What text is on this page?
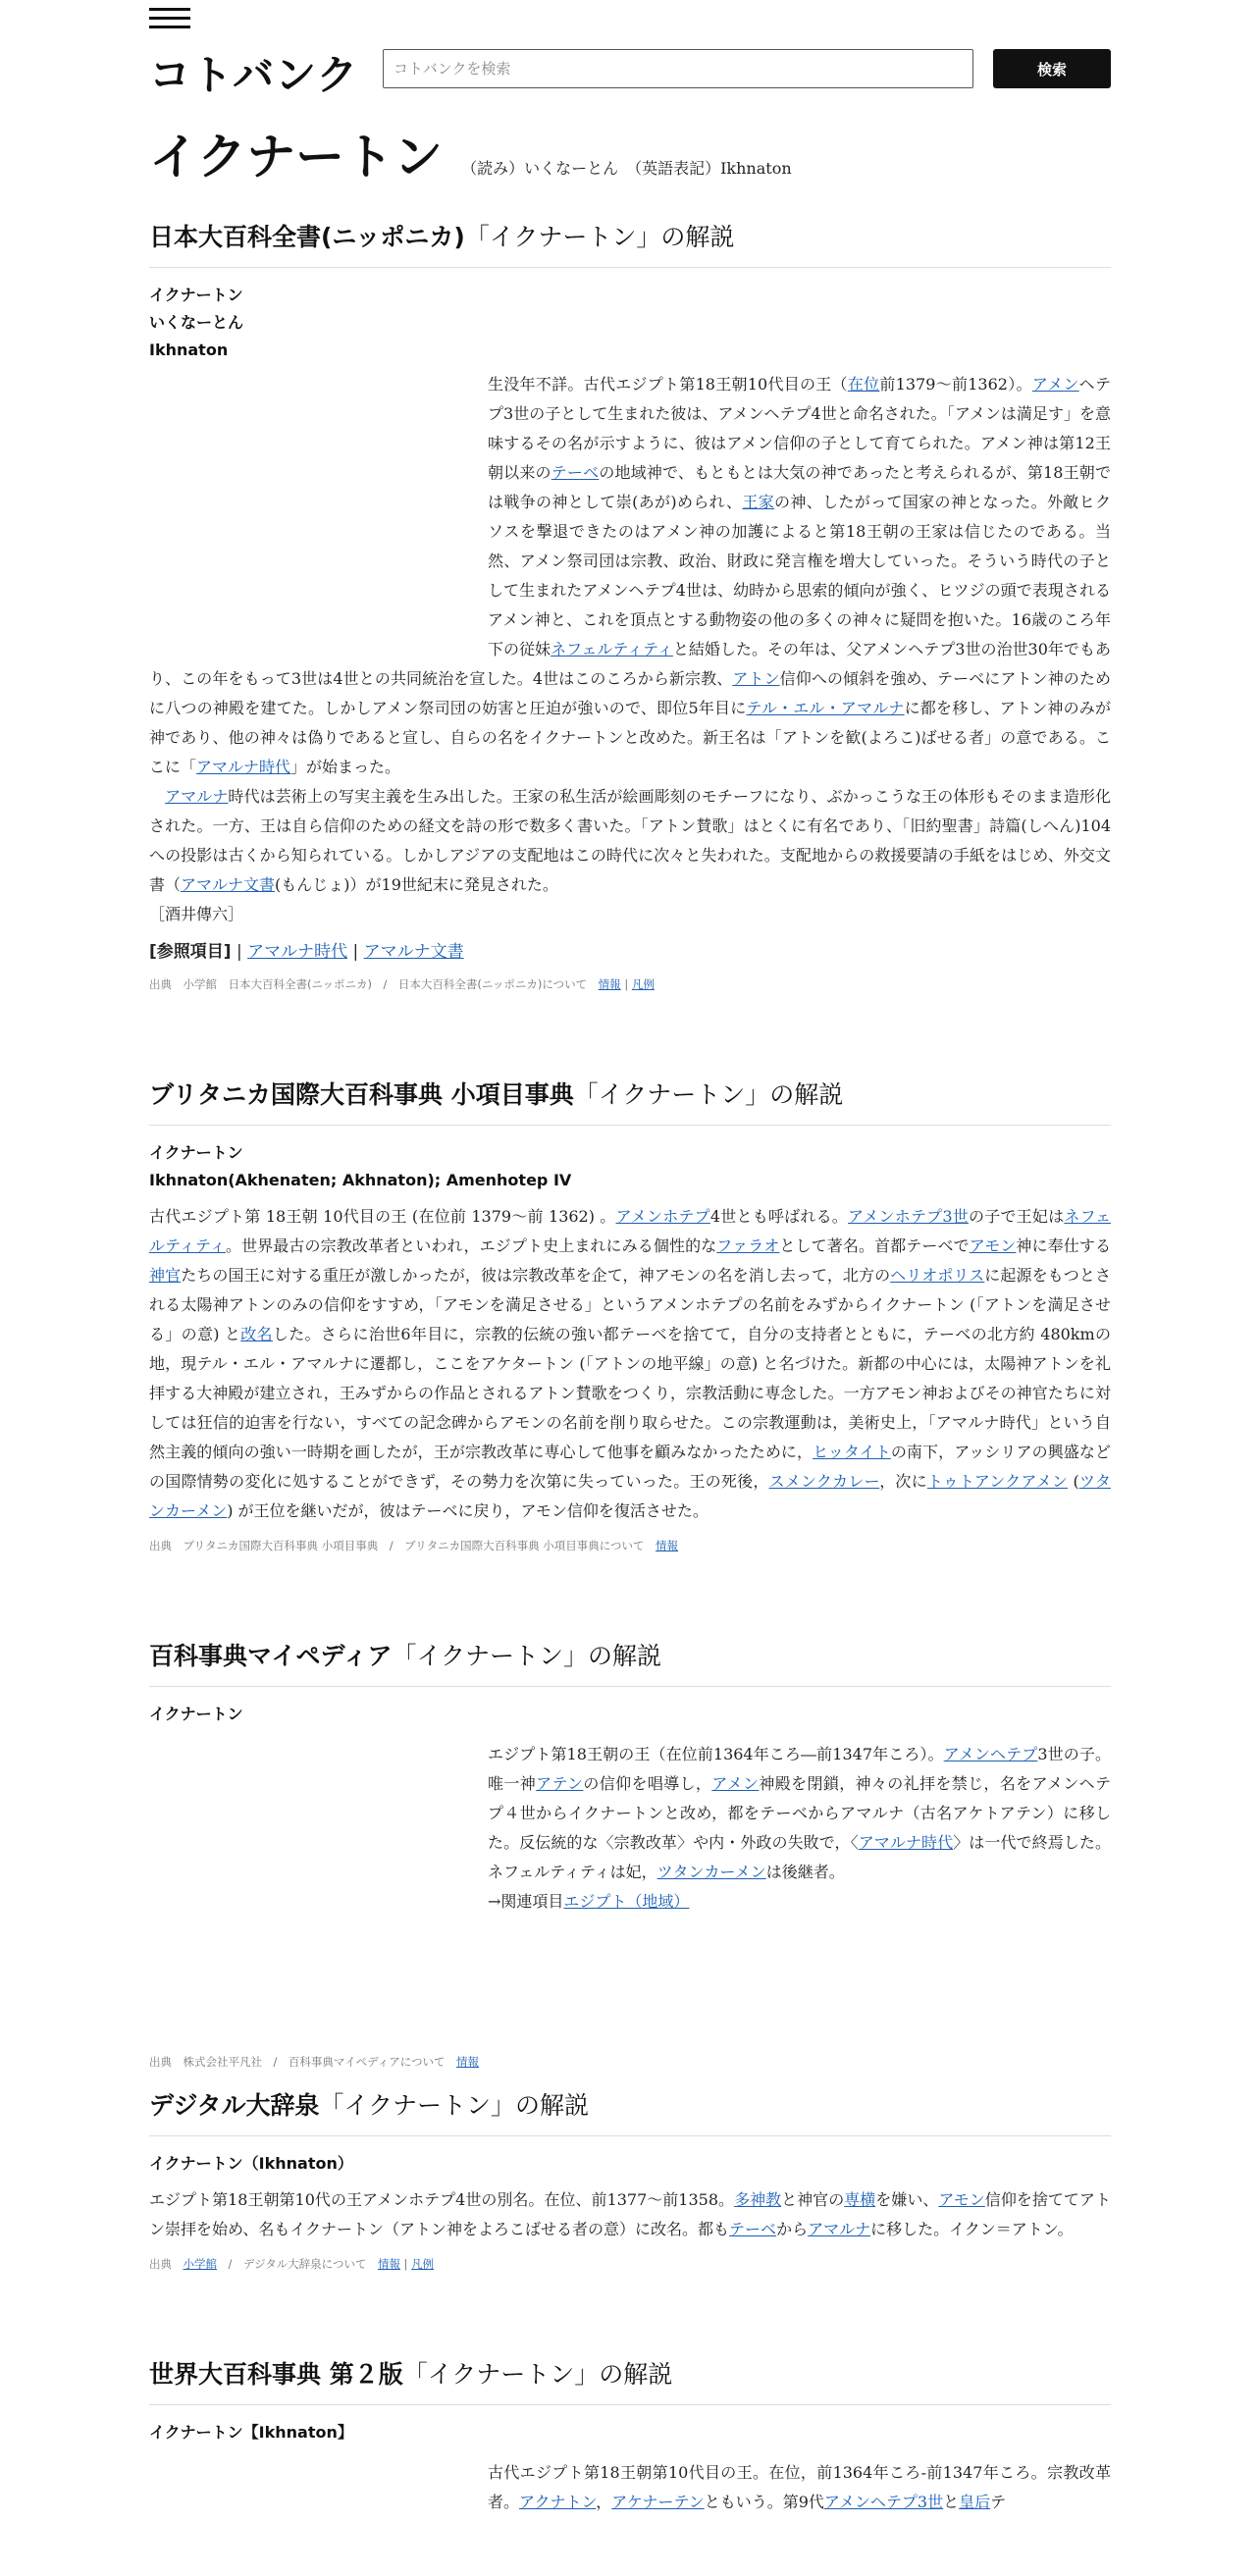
コトバンク
コトバンクを検索	検索
イクナートン （読み）いくなーとん　（英語表記）Ikhnaton
日本大百科全書(ニッポニカ)「イクナートン」の解説
イクナートン
いくなーとん
Ikhnaton
生没年不詳。古代エジプト第18王朝10代目の王（在位前1379～前1362）。アメンヘテプ3世の子として生まれた彼は、アメンヘテプ4世と命名された。「アメンは満足す」を意味するその名が示すように、彼はアメン信仰の子として育てられた。アメン神は第12王朝以来のテーベの地域神で、もともとは大気の神であったと考えられるが、第18王朝では戦争の神として崇(あが)められ、王家の神、したがって国家の神となった。外敵ヒクソスを撃退できたのはアメン神の加護によると第18王朝の王家は信じたのである。当然、アメン祭司団は宗教、政治、財政に発言権を増大していった。そういう時代の子として生まれたアメンヘテプ4世は、幼時から思索的傾向が強く、ヒツジの頭で表現されるアメン神と、これを頂点とする動物姿の他の多くの神々に疑問を抱いた。16歳のころ年下の従妹ネフェルティティと結婚した。その年は、父アメンヘテプ3世の治世30年でもあり、この年をもって3世は4世との共同統治を宣した。4世はこのころから新宗教、アトン信仰への傾斜を強め、テーベにアトン神のために八つの神殿を建てた。しかしアメン祭司団の妨害と圧迫が強いので、即位5年目にテル・エル・アマルナに都を移し、アトン神のみが神であり、他の神々は偽りであると宣し、自らの名をイクナートンと改めた。新王名は「アトンを歓(よろこ)ばせる者」の意である。ここに「アマルナ時代」が始まった。
　アマルナ時代は芸術上の写実主義を生み出した。王家の私生活が絵画彫刻のモチーフになり、ぶかっこうな王の体形もそのまま造形化された。一方、王は自ら信仰のための経文を詩の形で数多く書いた。「アトン賛歌」はとくに有名であり、「旧約聖書」詩篇(しへん)104への投影は古くから知られている。しかしアジアの支配地はこの時代に次々と失われた。支配地からの救援要請の手紙をはじめ、外交文書（アマルナ文書(もんじょ)）が19世紀末に発見された。
［酒井傳六］
[参照項目] | アマルナ時代 | アマルナ文書
出典　小学館　日本大百科全書(ニッポニカ)　/　日本大百科全書(ニッポニカ)について　 情報 | 凡例
ブリタニカ国際大百科事典 小項目事典「イクナートン」の解説
イクナートン
Ikhnaton(Akhenaten; Akhnaton); Amenhotep IV
古代エジプト第 18王朝 10代目の王 (在位前 1379～前 1362) 。アメンホテプ4世とも呼ばれる。アメンホテプ3世の子で王妃はネフェルティティ。世界最古の宗教改革者といわれ，エジプト史上まれにみる個性的なファラオとして著名。首都テーベでアモン神に奉仕する神官たちの国王に対する重圧が激しかったが，彼は宗教改革を企て，神アモンの名を消し去って，北方のヘリオポリスに起源をもつとされる太陽神アトンのみの信仰をすすめ，「アモンを満足させる」というアメンホテプの名前をみずからイクナートン (「アトンを満足させる」の意) と改名した。さらに治世6年目に，宗教的伝統の強い都テーベを捨てて，自分の支持者とともに，テーベの北方約 480kmの地，現テル・エル・アマルナに遷都し，ここをアケタートン (「アトンの地平線」の意) と名づけた。新都の中心には，太陽神アトンを礼拝する大神殿が建立され，王みずからの作品とされるアトン賛歌をつくり，宗教活動に専念した。一方アモン神およびその神官たちに対しては狂信的迫害を行ない，すべての記念碑からアモンの名前を削り取らせた。この宗教運動は，美術史上，「アマルナ時代」という自然主義的傾向の強い一時期を画したが，王が宗教改革に専心して他事を顧みなかったために，ヒッタイトの南下，アッシリアの興盛などの国際情勢の変化に処することができず，その勢力を次第に失っていった。王の死後，スメンクカレー，次にトゥトアンクアメン (ツタンカーメン) が王位を継いだが，彼はテーベに戻り，アモン信仰を復活させた。
出典　ブリタニカ国際大百科事典 小項目事典　/　ブリタニカ国際大百科事典 小項目事典について　 情報
百科事典マイペディア「イクナートン」の解説
イクナートン
エジプト第18王朝の王（在位前1364年ころ―前1347年ころ）。アメンヘテプ3世の子。唯一神アテンの信仰を唱導し，アメン神殿を閉鎖，神々の礼拝を禁じ，名をアメンヘテプ４世からイクナートンと改め，都をテーベからアマルナ（古名アケトアテン）に移した。反伝統的な〈宗教改革〉や内・外政の失敗で，〈アマルナ時代〉は一代で終焉した。ネフェルティティは妃，ツタンカーメンは後継者。
→関連項目エジプト（地域）
出典　株式会社平凡社　/　百科事典マイペディアについて　 情報
デジタル大辞泉「イクナートン」の解説
イクナートン（Ikhnaton）
エジプト第18王朝第10代の王アメンホテプ4世の別名。在位、前1377～前1358。多神教と神官の専横を嫌い、アモン信仰を捨ててアトン崇拝を始め、名もイクナートン（アトン神をよろこばせる者の意）に改名。都もテーベからアマルナに移した。イクン＝アトン。
出典　 小学館　 /　デジタル大辞泉について　 情報 | 凡例
世界大百科事典 第２版「イクナートン」の解説
イクナートン【Ikhnaton】
古代エジプト第18王朝第10代目の王。在位，前1364年ころ‐前1347年ころ。宗教改革者。アクナトン，アケナーテンともいう。第9代アメンヘテプ3世と皇后テ
